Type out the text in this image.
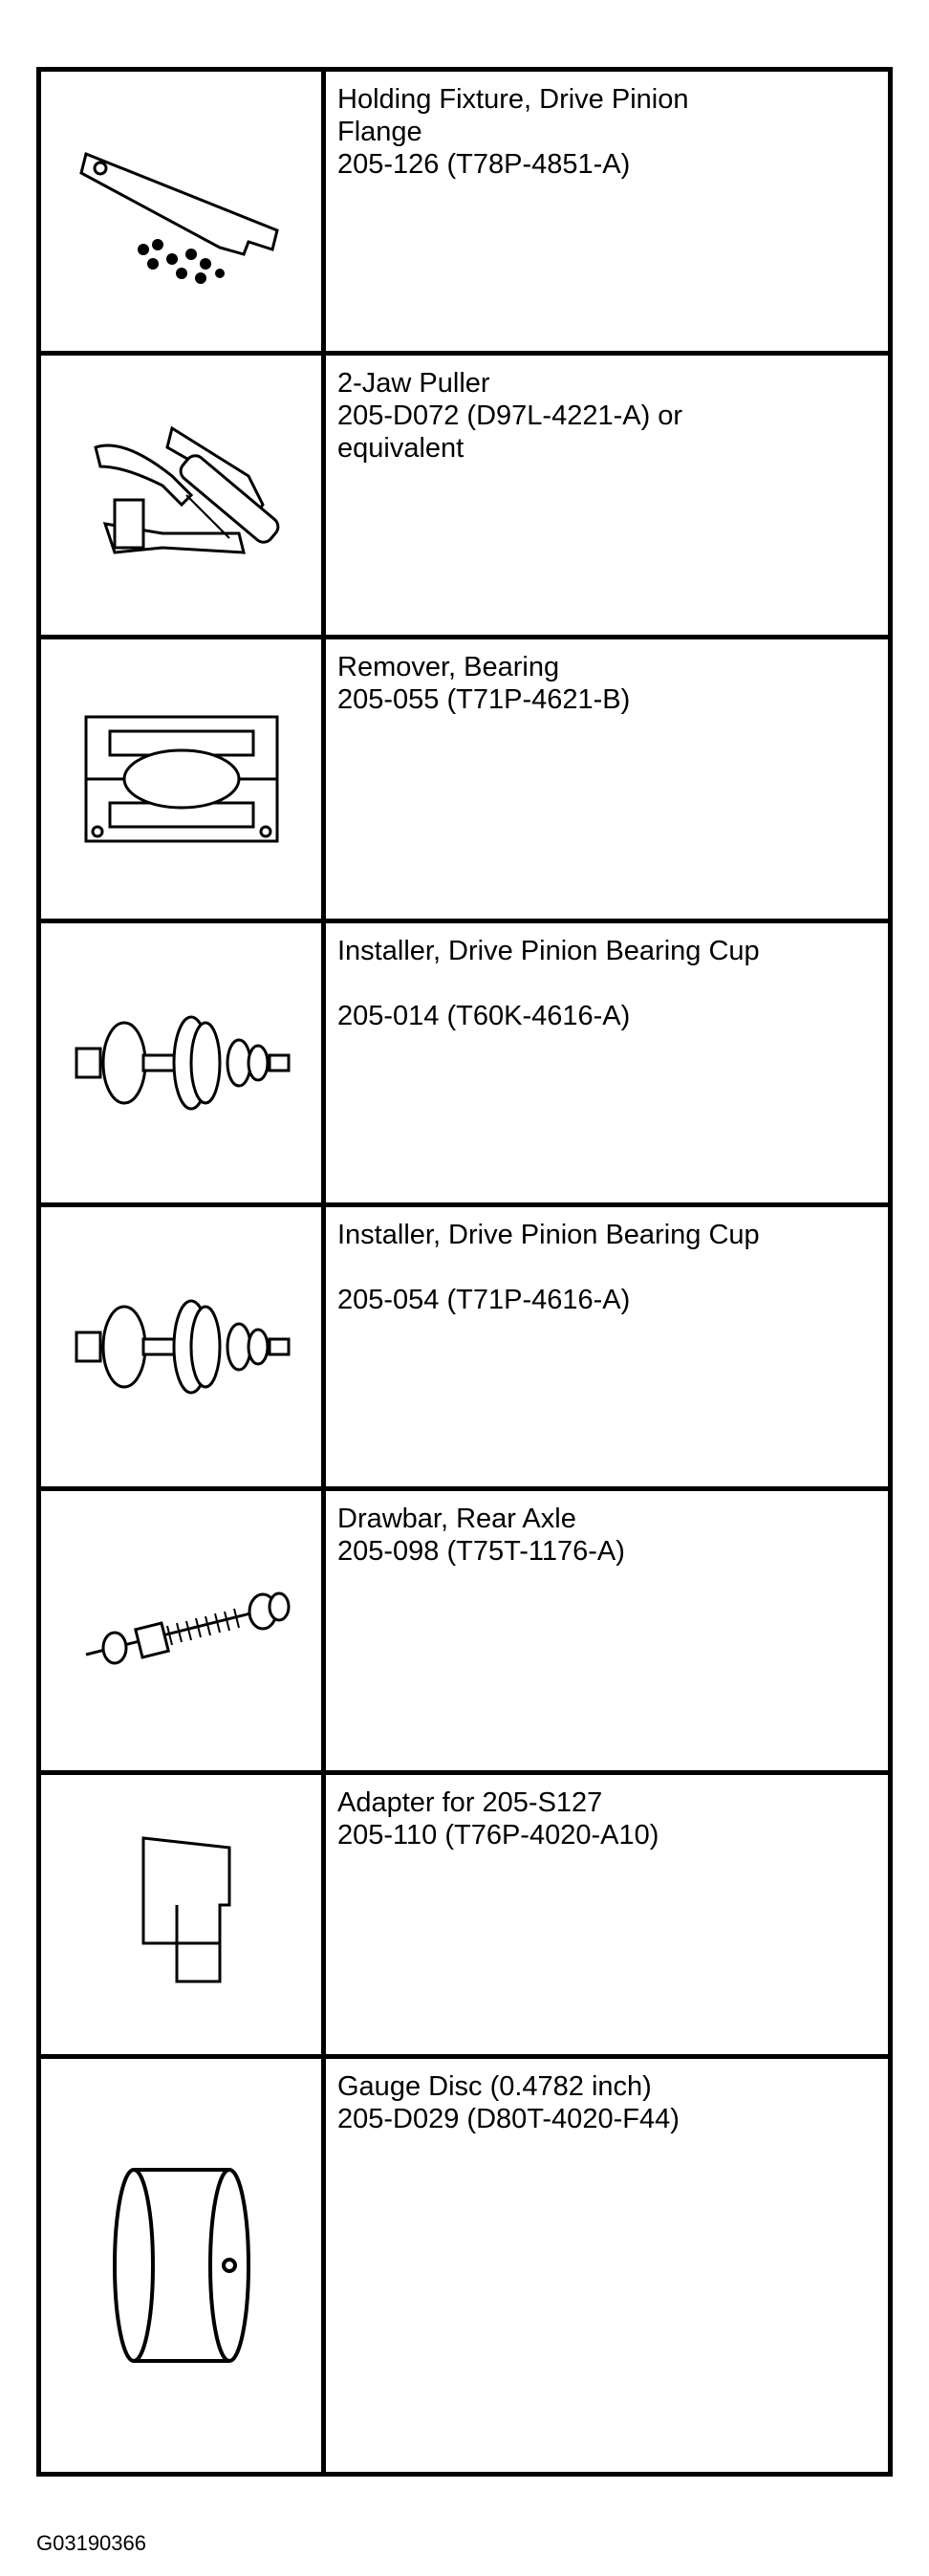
Holding Fixture, Drive Pinion
Flange
205-126 (T78P-4851-A)
2-Jaw Puller
205-D072 (D97L-4221-A) or
equivalent
Remover, Bearing
205-055 (T71P-4621-B)
Installer, Drive Pinion Bearing Cup
205-014 (T60K-4616-A)
Installer, Drive Pinion Bearing Cup
205-054 (T71P-4616-A)
Drawbar, Rear Axle
205-098 (T75T-1176-A)
Adapter for 205-S127
205-110 (T76P-4020-A10)
Gauge Disc (0.4782 inch)
205-D029 (D80T-4020-F44)
G03190366
